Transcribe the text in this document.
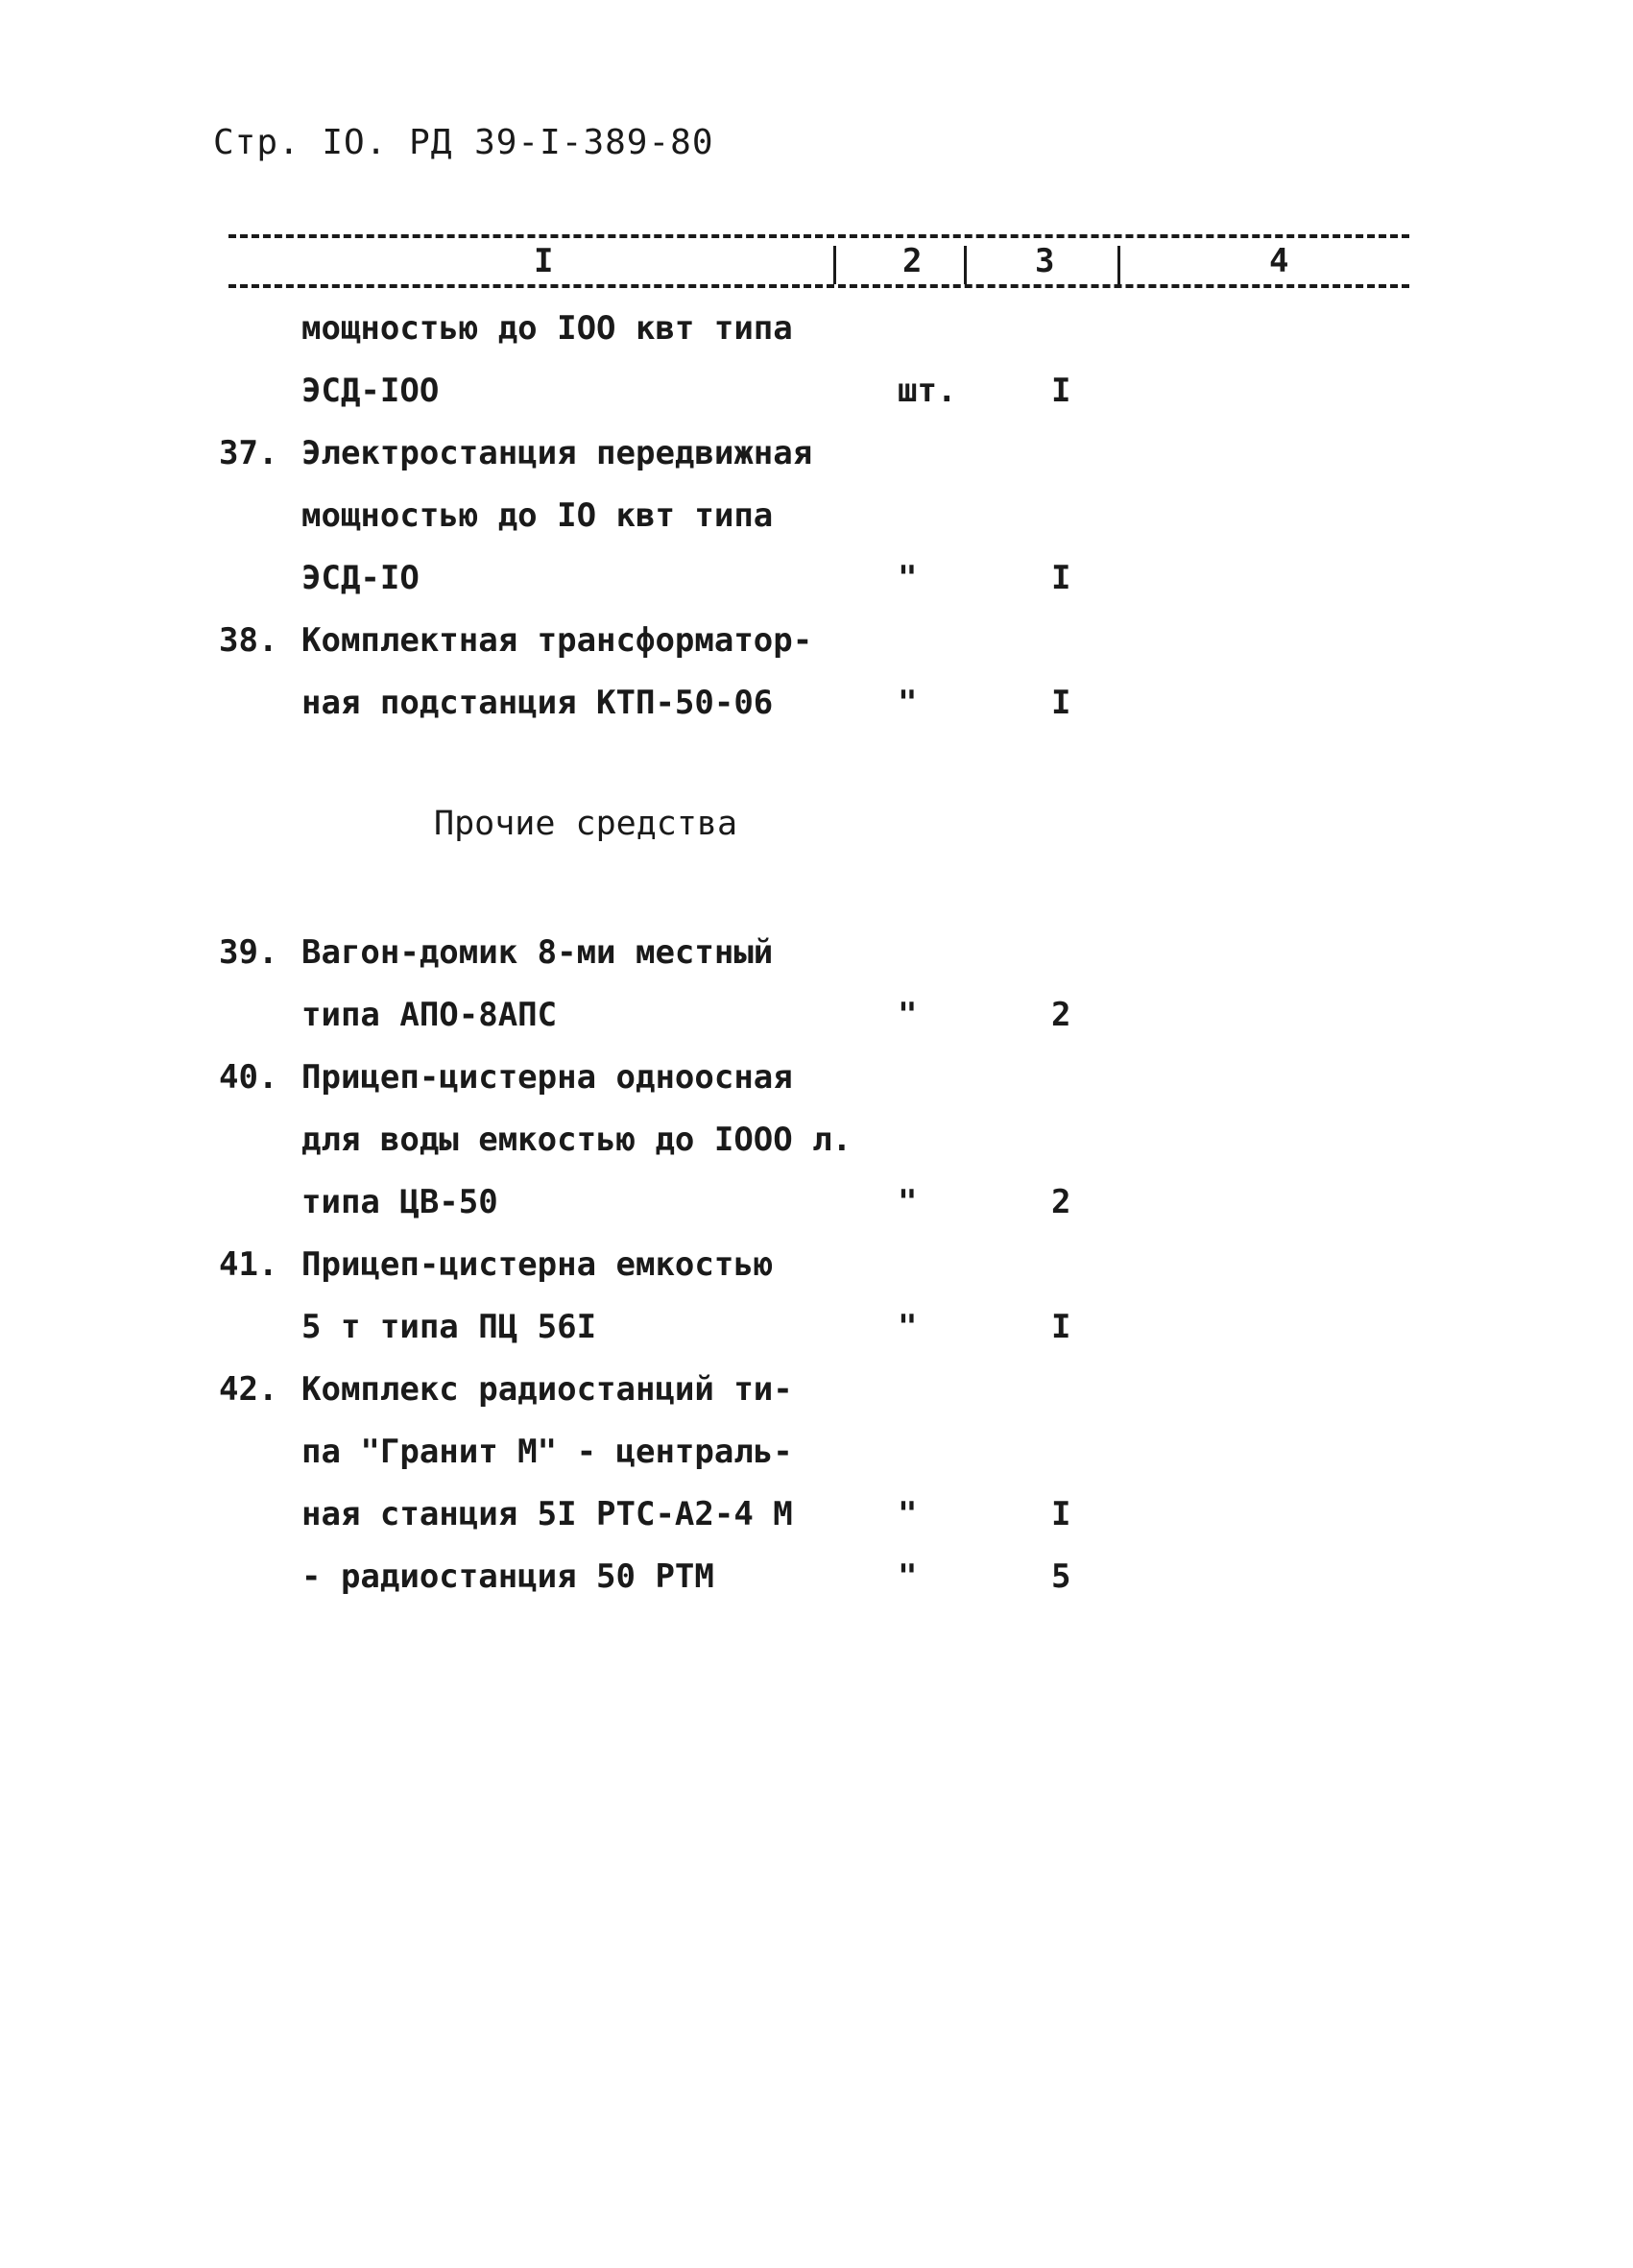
Стр. IO. РД 39-I-389-80
I	2	3	4
мощностью до IOO квт типа
ЭСД-IOO	шт.	I
37. Электростанция передвижная
мощностью до IO квт типа
ЭСД-IO	"	I
38. Комплектная трансформатор-
ная подстанция КТП-50-06	"	I
Прочие средства
39. Вагон-домик 8-ми местный
типа АПО-8АПС	"	2
40. Прицеп-цистерна одноосная
для воды емкостью до IOOO л.
типа ЦВ-50	"	2
41. Прицеп-цистерна емкостью
5 т типа ПЦ 56I	"	I
42. Комплекс радиостанций ти-
па "Гранит М" - централь-
ная станция 5I РТС-А2-4 М	"	I
- радиостанция 50 РТМ	"	5
